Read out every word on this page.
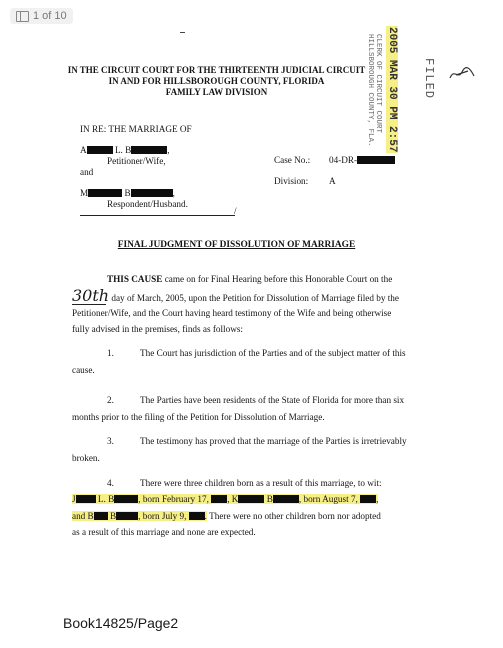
1 of 10
2005 MAR 30 PM 2:57 FILED
CLERK OF CIRCUIT COURT
HILLSBOROUGH COUNTY, FLA.
IN THE CIRCUIT COURT FOR THE THIRTEENTH JUDICIAL CIRCUIT
IN AND FOR HILLSBOROUGH COUNTY, FLORIDA
FAMILY LAW DIVISION
IN RE: THE MARRIAGE OF
A	L. B	,
Petitioner/Wife,
and
M	B	,
Respondent/Husband.
/
Case No.: 04-DR-
Division: A
FINAL JUDGMENT OF DISSOLUTION OF MARRIAGE
THIS CAUSE came on for Final Hearing before this Honorable Court on the
30th day of March, 2005, upon the Petition for Dissolution of Marriage filed by the
Petitioner/Wife, and the Court having heard testimony of the Wife and being otherwise
fully advised in the premises, finds as follows:
1.	The Court has jurisdiction of the Parties and of the subject matter of this
cause.
2.	The Parties have been residents of the State of Florida for more than six
months prior to the filing of the Petition for Dissolution of Marriage.
3.	The testimony has proved that the marriage of the Parties is irretrievably
broken.
4.	There were three children born as a result of this marriage, to wit:
J L. B	, born February 17, , K	B	, born August 7, ,
and B B , born July 9, . There were no other children born nor adopted
as a result of this marriage and none are expected.
Book14825/Page2
